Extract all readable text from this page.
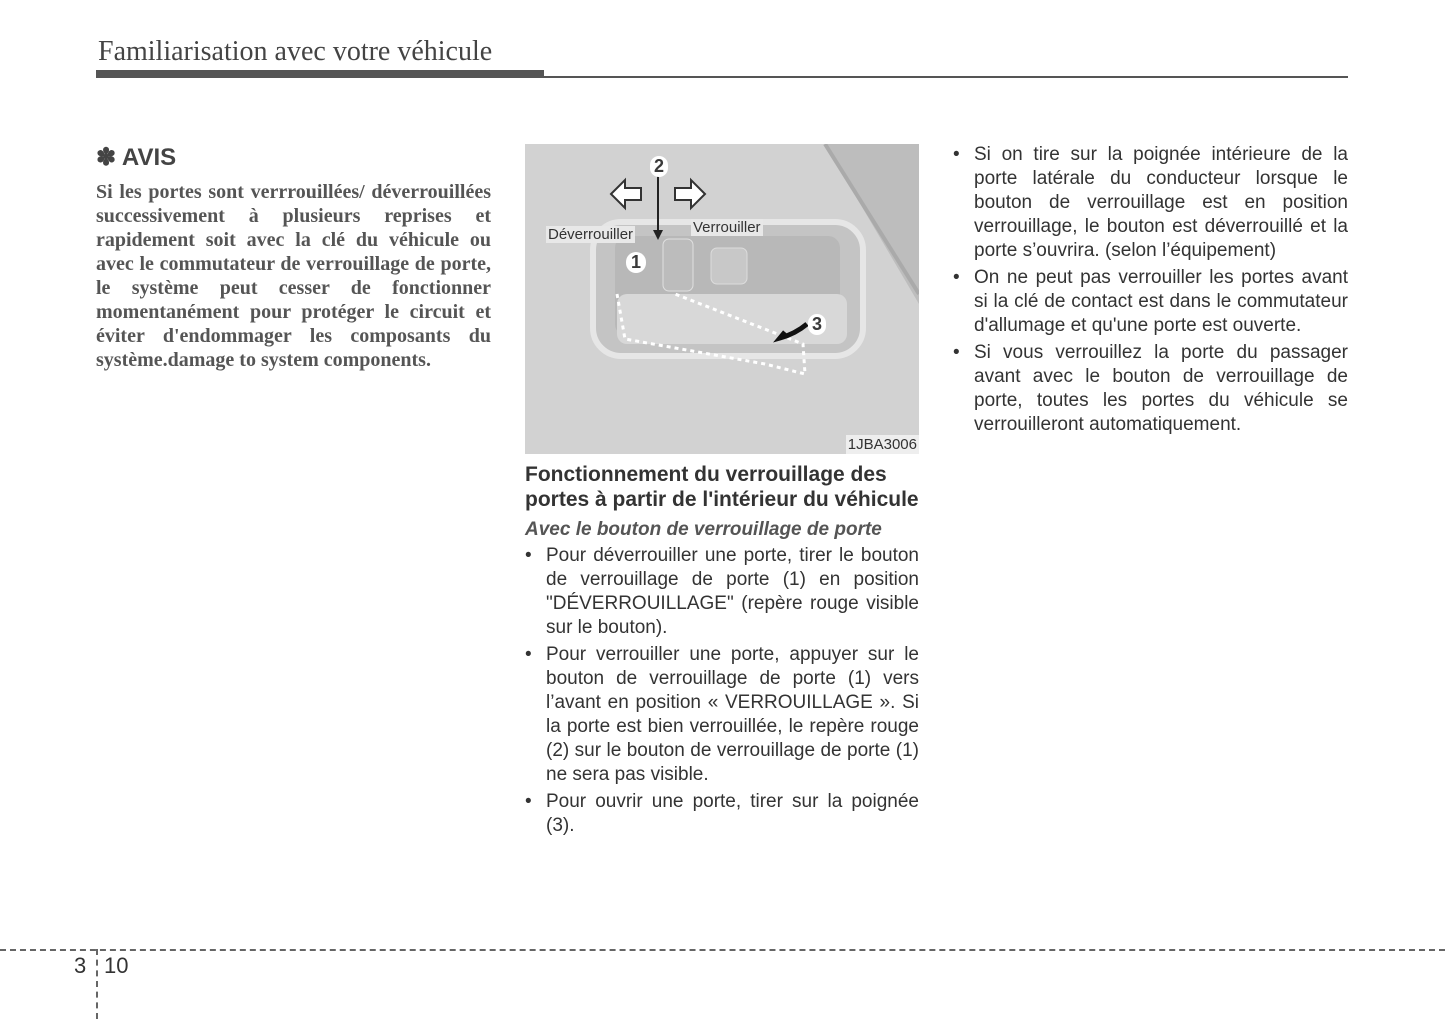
Familiarisation avec votre véhicule
✽ AVIS
Si les portes sont verrrouillées/ déverrouillées successivement à plusieurs reprises et rapidement soit avec la clé du véhicule ou avec le commutateur de verrouillage de porte, le système peut cesser de fonctionner momentanément pour protéger le circuit et éviter d'endommager les composants du système.damage to system components.
Déverrouiller	Verrouiller
1
2
3
1JBA3006
Fonctionnement du verrouillage des portes à partir de l'intérieur du véhicule
Avec le bouton de verrouillage de porte
• Pour déverrouiller une porte, tirer le bouton de verrouillage de porte (1) en position "DÉVERROUILLAGE" (repère rouge visible sur le bouton).
• Pour verrouiller une porte, appuyer sur le bouton de verrouillage de porte (1) vers l’avant en position « VERROUILLAGE ». Si la porte est bien verrouillée, le repère rouge (2) sur le bouton de verrouillage de porte (1) ne sera pas visible.
• Pour ouvrir une porte, tirer sur la poignée (3).
• Si on tire sur la poignée intérieure de la porte latérale du conducteur lorsque le bouton de verrouillage est en position verrouillage, le bouton est déverrouillé et la porte s’ouvrira. (selon l’équipement)
• On ne peut pas verrouiller les portes avant si la clé de contact est dans le commutateur d'allumage et qu'une porte est ouverte.
• Si vous verrouillez la porte du passager avant avec le bouton de verrouillage de porte, toutes les portes du véhicule se verrouilleront automatiquement.
3 10
